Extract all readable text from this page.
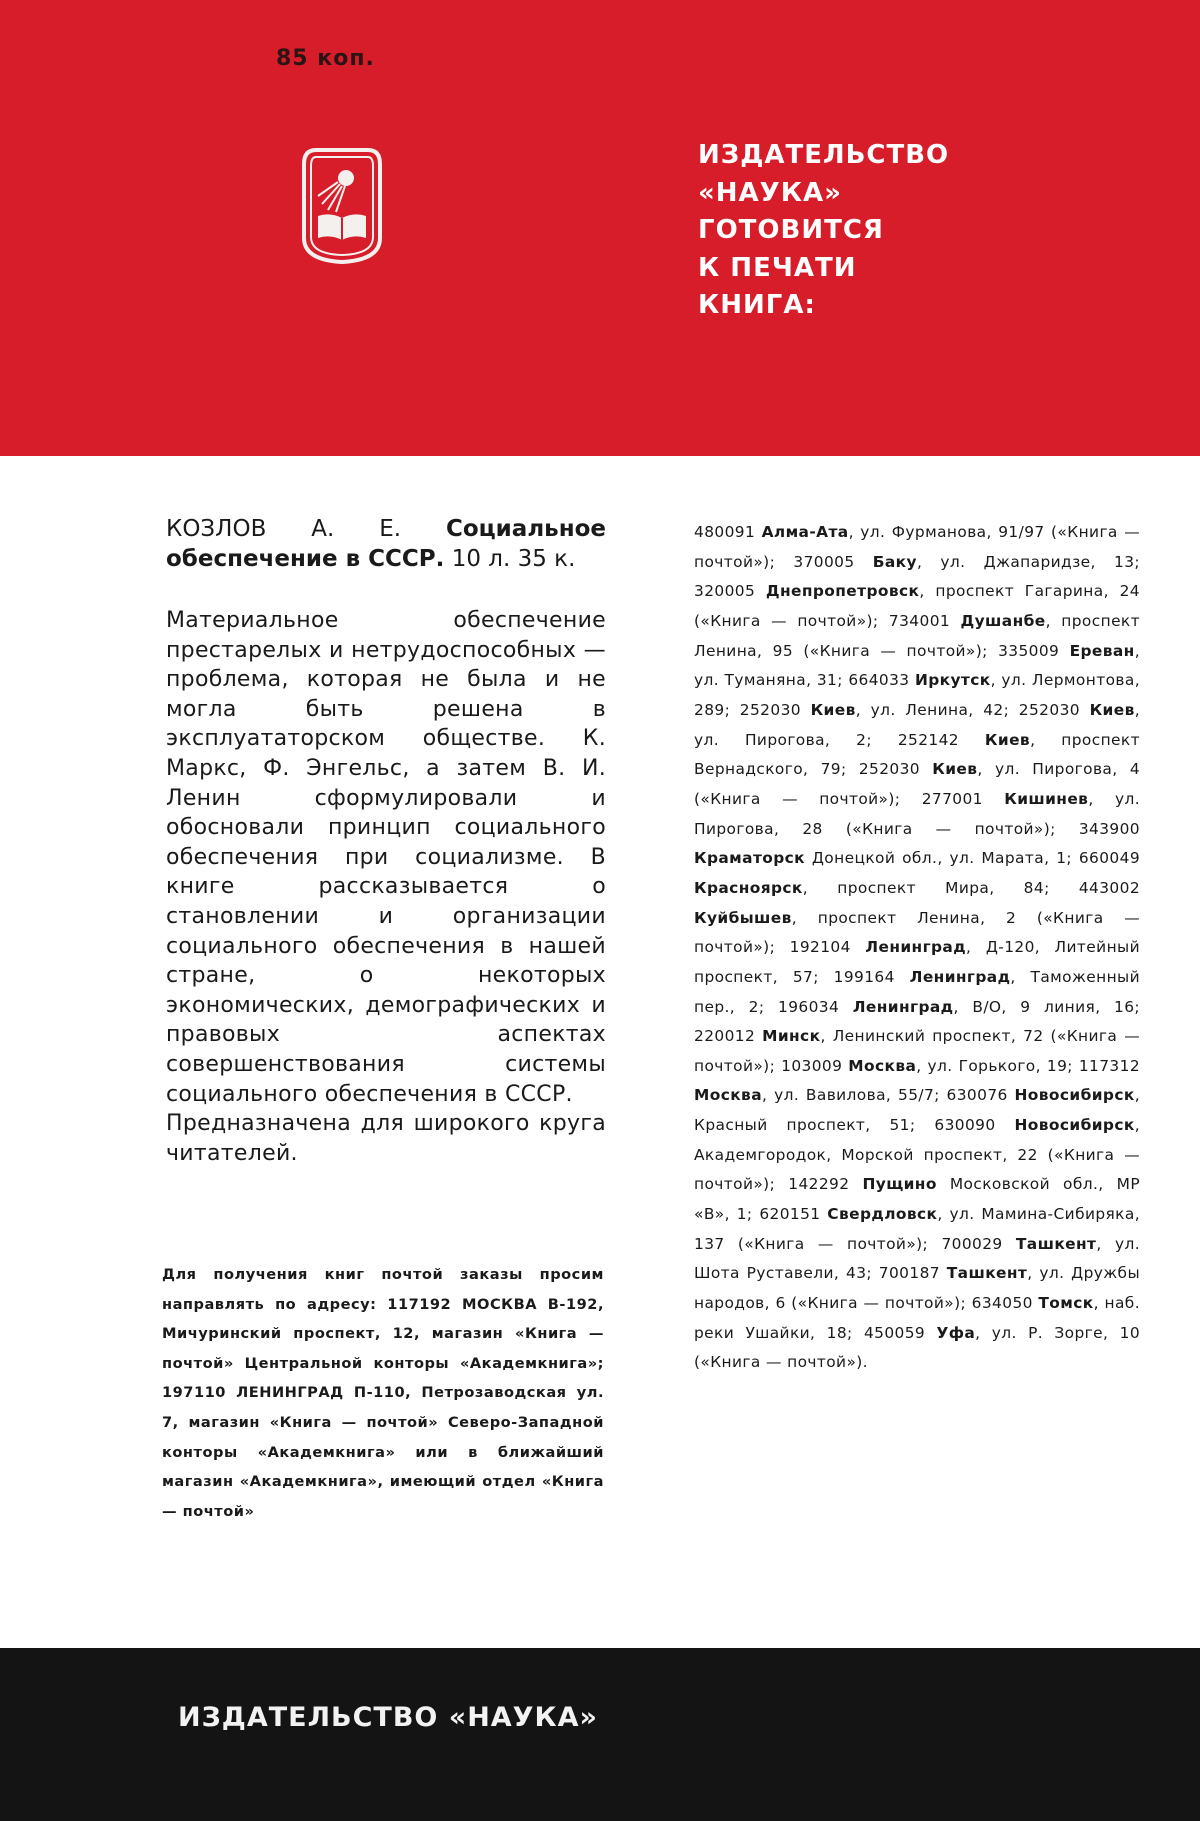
85 коп.
ИЗДАТЕЛЬСТВО
«НАУКА»
ГОТОВИТСЯ
К ПЕЧАТИ
КНИГА:
КОЗЛОВ А. Е. Социальное обеспечение в СССР. 10 л. 35 к.

Материальное обеспечение престарелых и нетрудоспособных — проблема, которая не была и не могла быть решена в эксплуататорском обществе. К. Маркс, Ф. Энгельс, а затем В. И. Ленин сформулировали и обосновали принцип социального обеспечения при социализме. В книге рассказывается о становлении и организации социального обеспечения в нашей стране, о некоторых экономических, демографических и правовых аспектах совершенствования системы социального обеспечения в СССР.

Предназначена для широкого круга читателей.

Для получения книг почтой заказы просим направлять по адресу: 117192 МОСКВА В-192, Мичуринский проспект, 12, магазин «Книга — почтой» Центральной конторы «Академкнига»; 197110 ЛЕНИНГРАД П-110, Петрозаводская ул. 7, магазин «Книга — почтой» Северо-Западной конторы «Академкнига» или в ближайший магазин «Академкнига», имеющий отдел «Книга — почтой»
480091 Алма-Ата, ул. Фурманова, 91/97 («Книга — почтой»); 370005 Баку, ул. Джапаридзе, 13; 320005 Днепропетровск, проспект Гагарина, 24 («Книга — почтой»); 734001 Душанбе, проспект Ленина, 95 («Книга — почтой»); 335009 Ереван, ул. Туманяна, 31; 664033 Иркутск, ул. Лермонтова, 289; 252030 Киев, ул. Ленина, 42; 252030 Киев, ул. Пирогова, 2; 252142 Киев, проспект Вернадского, 79; 252030 Киев, ул. Пирогова, 4 («Книга — почтой»); 277001 Кишинев, ул. Пирогова, 28 («Книга — почтой»); 343900 Краматорск Донецкой обл., ул. Марата, 1; 660049 Красноярск, проспект Мира, 84; 443002 Куйбышев, проспект Ленина, 2 («Книга — почтой»); 192104 Ленинград, Д-120, Литейный проспект, 57; 199164 Ленинград, Таможенный пер., 2; 196034 Ленинград, В/О, 9 линия, 16; 220012 Минск, Ленинский проспект, 72 («Книга — почтой»); 103009 Москва, ул. Горького, 19; 117312 Москва, ул. Вавилова, 55/7; 630076 Новосибирск, Красный проспект, 51; 630090 Новосибирск, Академгородок, Морской проспект, 22 («Книга — почтой»); 142292 Пущино Московской обл., МР «В», 1; 620151 Свердловск, ул. Мамина-Сибиряка, 137 («Книга — почтой»); 700029 Ташкент, ул. Шота Руставели, 43; 700187 Ташкент, ул. Дружбы народов, 6 («Книга — почтой»); 634050 Томск, наб. реки Ушайки, 18; 450059 Уфа, ул. Р. Зорге, 10 («Книга — почтой»).
ИЗДАТЕЛЬСТВО «НАУКА»
